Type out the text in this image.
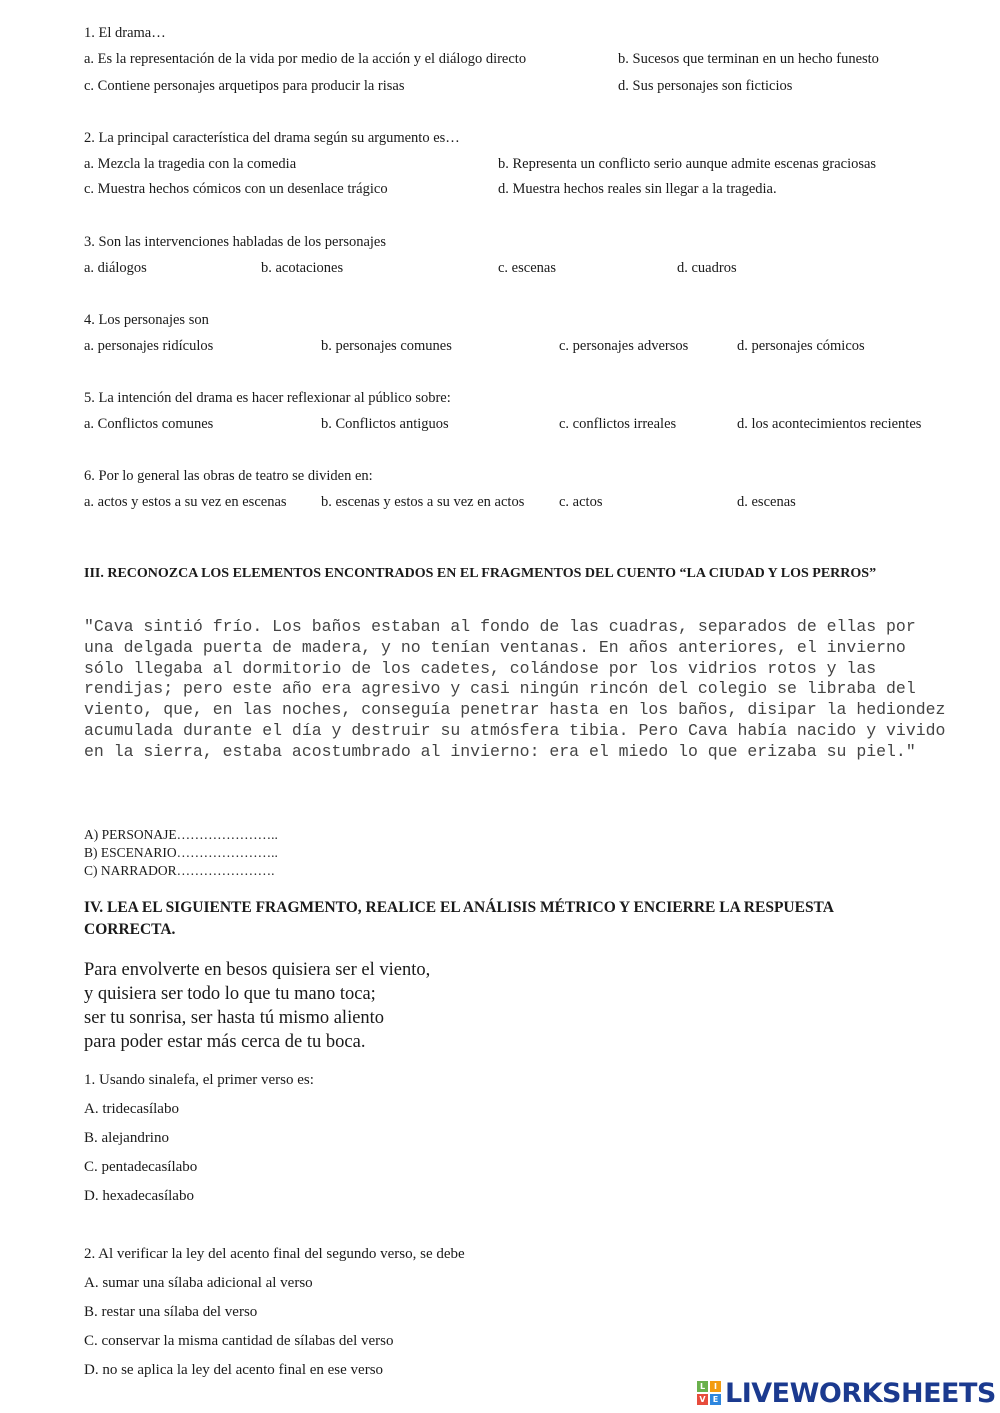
1. El drama…
a. Es la representación de la vida por medio de la acción y el diálogo directo	b. Sucesos que terminan en un hecho funesto
c. Contiene personajes arquetipos para producir la risas	d. Sus personajes son ficticios
2. La principal característica del drama según su argumento es…
a. Mezcla la tragedia con la comedia	b. Representa un conflicto serio aunque admite escenas graciosas
c. Muestra hechos cómicos con un desenlace trágico	d. Muestra hechos reales sin llegar a la tragedia.
3. Son las intervenciones habladas de los personajes
a. diálogos	b. acotaciones	c. escenas	d. cuadros
4. Los personajes son
a. personajes ridículos	b. personajes comunes	c. personajes adversos	d. personajes cómicos
5. La intención del drama es hacer reflexionar al público sobre:
a. Conflictos comunes	b. Conflictos antiguos	c. conflictos irreales	d. los acontecimientos recientes
6. Por lo general las obras de teatro se dividen en:
a. actos y estos a su vez en escenas b. escenas y estos a su vez en actos c. actos	d. escenas
III. RECONOZCA LOS ELEMENTOS ENCONTRADOS EN EL FRAGMENTOS DEL CUENTO “LA CIUDAD Y LOS PERROS”

"Cava sintió frío. Los baños estaban al fondo de las cuadras, separados de ellas por una delgada puerta de madera, y no tenían ventanas. En años anteriores, el invierno sólo llegaba al dormitorio de los cadetes, colándose por los vidrios rotos y las rendijas; pero este año era agresivo y casi ningún rincón del colegio se libraba del viento, que, en las noches, conseguía penetrar hasta en los baños, disipar la hediondez acumulada durante el día y destruir su atmósfera tibia. Pero Cava había nacido y vivido en la sierra, estaba acostumbrado al invierno: era el miedo lo que erizaba su piel."

A) PERSONAJE…………………..
B) ESCENARIO…………………..
C) NARRADOR………………….
IV. LEA EL SIGUIENTE FRAGMENTO, REALICE EL ANÁLISIS MÉTRICO Y ENCIERRE LA RESPUESTA CORRECTA.
Para envolverte en besos quisiera ser el viento,
y quisiera ser todo lo que tu mano toca;
ser tu sonrisa, ser hasta tú mismo aliento
para poder estar más cerca de tu boca.
1. Usando sinalefa, el primer verso es:
A. tridecasílabo
B. alejandrino
C. pentadecasílabo
D. hexadecasílabo
2. Al verificar la ley del acento final del segundo verso, se debe
A. sumar una sílaba adicional al verso
B. restar una sílaba del verso
C. conservar la misma cantidad de sílabas del verso
D. no se aplica la ley del acento final en ese verso
L	I
V E LIVEWORKSHEETS
